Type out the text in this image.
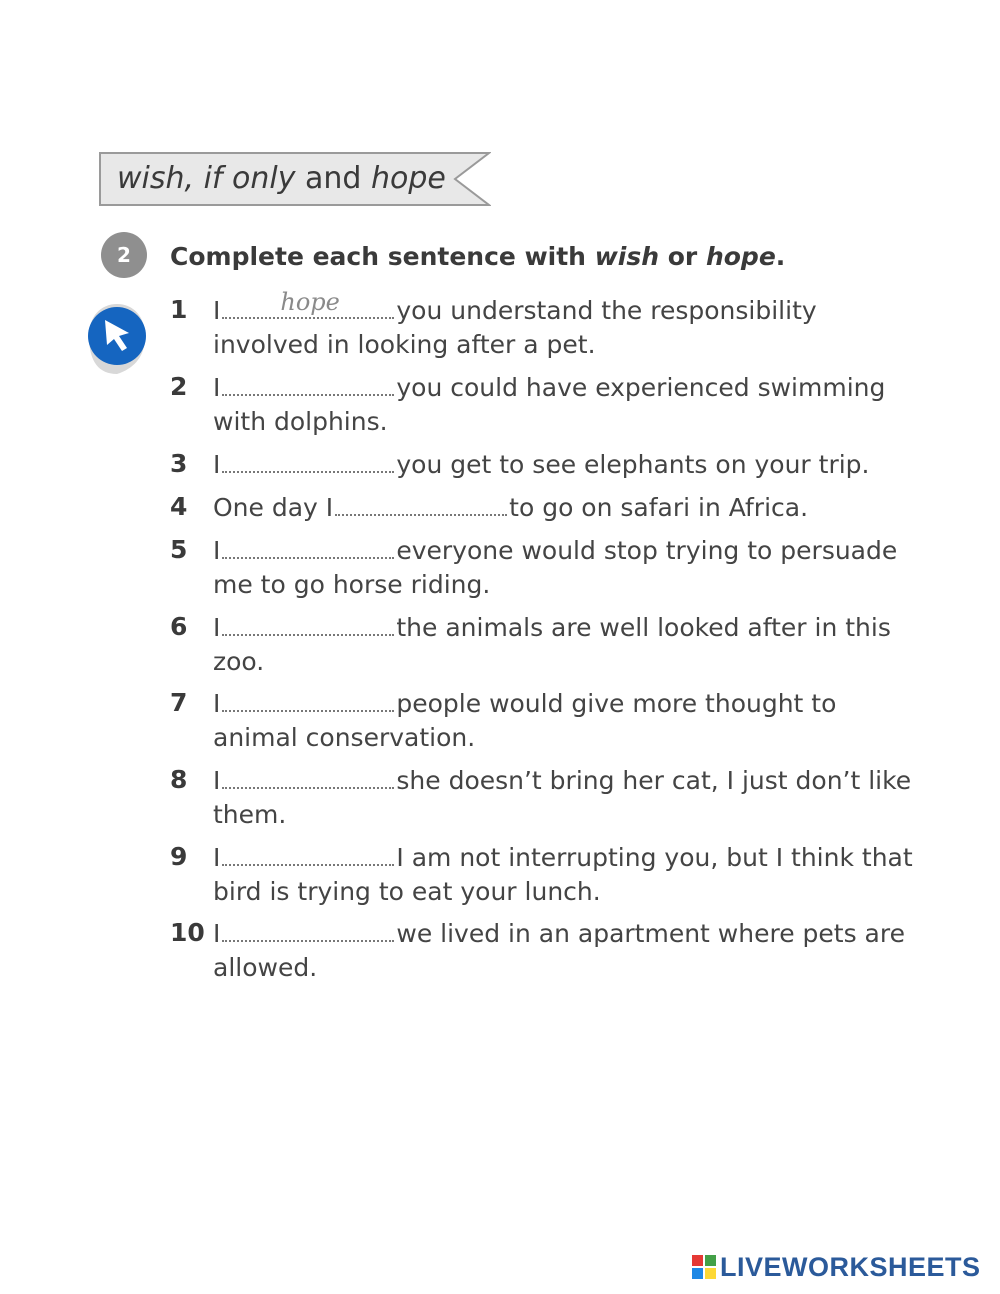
wish, if only and hope
2	Complete each sentence with wish or hope.
1 I	hope you understand the responsibility involved in looking after a pet.
2 I	you could have experienced swimming with dolphins.
3 I	you get to see elephants on your trip.
4 One day I	to go on safari in Africa.
5 I	everyone would stop trying to persuade me to go horse riding.
6 I	the animals are well looked after in this zoo.
7 I	people would give more thought to animal conservation.
8 I	she doesn’t bring her cat, I just don’t like them.
9 I	I am not interrupting you, but I think that bird is trying to eat your lunch.
10 I	we lived in an apartment where pets are allowed.
LIVEWORKSHEETS
